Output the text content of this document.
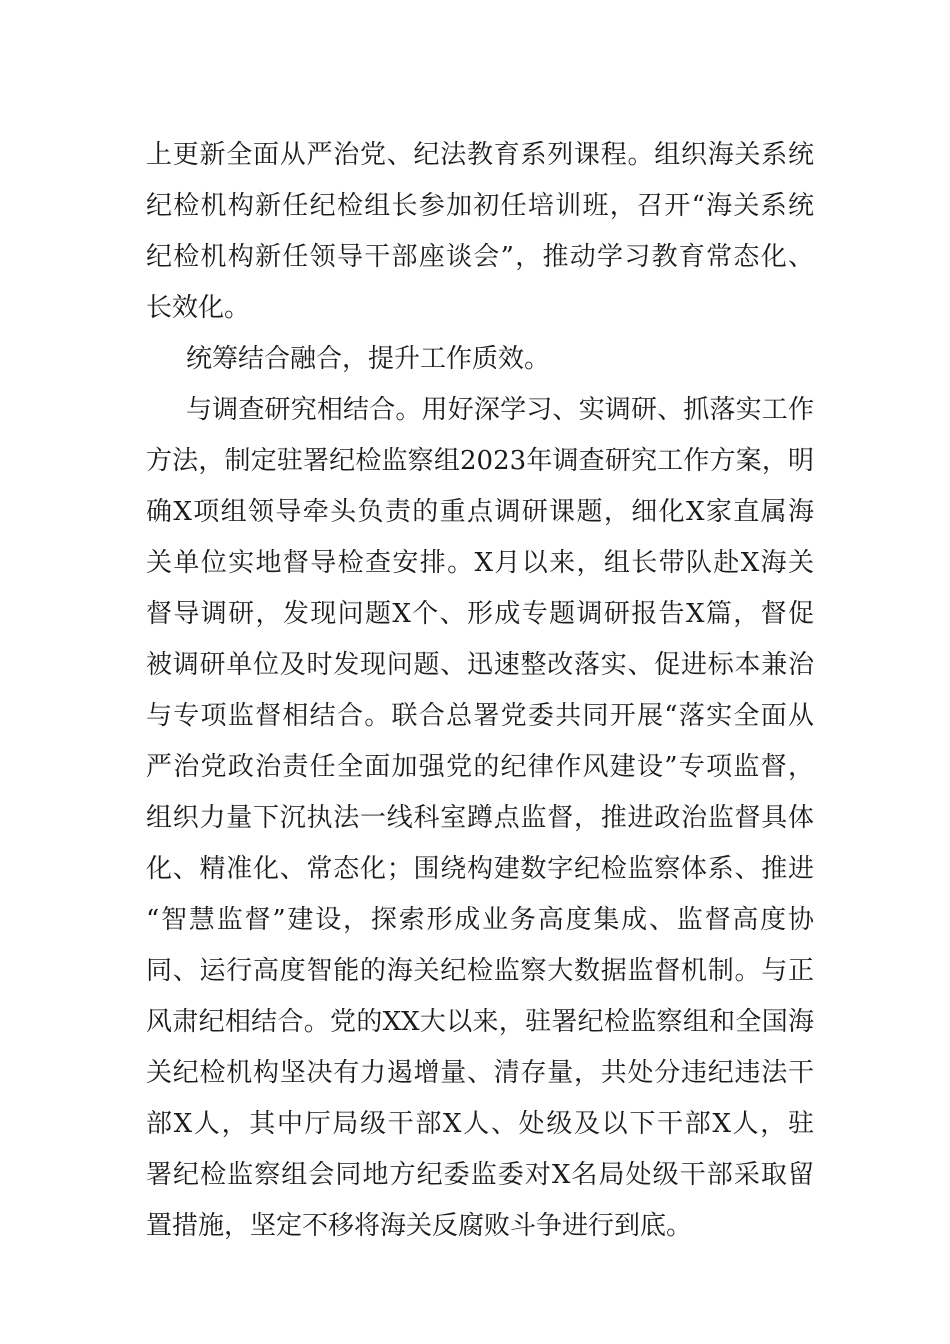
上更新全面从严治党、纪法教育系列课程。组织海关系统
纪检机构新任纪检组长参加初任培训班，召开“海关系统
纪检机构新任领导干部座谈会”，推动学习教育常态化、
长效化。
统筹结合融合，提升工作质效。
与调查研究相结合。用好深学习、实调研、抓落实工作
方法，制定驻署纪检监察组2023年调查研究工作方案，明
确X项组领导牵头负责的重点调研课题，细化X家直属海
关单位实地督导检查安排。X月以来，组长带队赴X海关
督导调研，发现问题X个、形成专题调研报告X篇，督促
被调研单位及时发现问题、迅速整改落实、促进标本兼治
与专项监督相结合。联合总署党委共同开展“落实全面从
严治党政治责任全面加强党的纪律作风建设”专项监督，
组织力量下沉执法一线科室蹲点监督，推进政治监督具体
化、精准化、常态化；围绕构建数字纪检监察体系、推进
“智慧监督”建设，探索形成业务高度集成、监督高度协
同、运行高度智能的海关纪检监察大数据监督机制。与正
风肃纪相结合。党的XX大以来，驻署纪检监察组和全国海
关纪检机构坚决有力遏增量、清存量，共处分违纪违法干
部X人，其中厅局级干部X人、处级及以下干部X人，驻
署纪检监察组会同地方纪委监委对X名局处级干部采取留
置措施，坚定不移将海关反腐败斗争进行到底。
